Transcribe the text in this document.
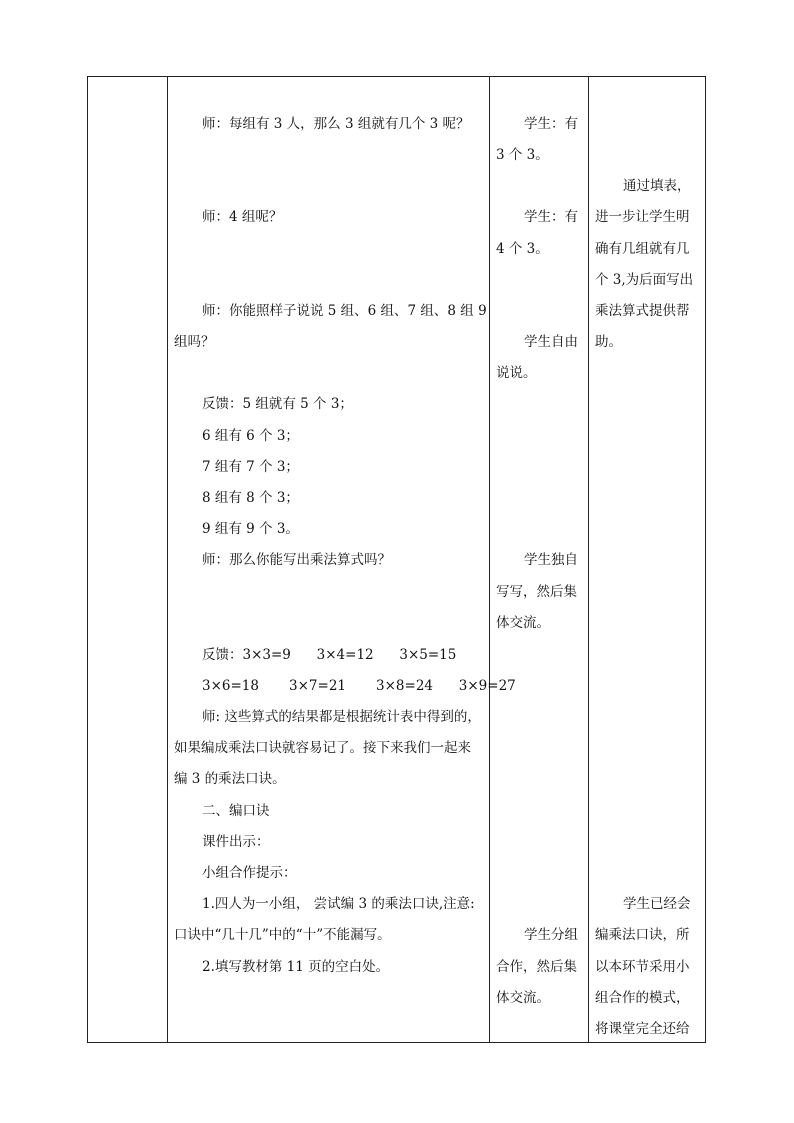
师：每组有 3 人，那么 3 组就有几个 3 呢？
师：4 组呢？
师：你能照样子说说 5 组、6 组、7 组、8 组 9
组吗？
反馈：5 组就有 5 个 3；
6 组有 6 个 3；
7 组有 7 个 3；
8 组有 8 个 3；
9 组有 9 个 3。
师：那么你能写出乘法算式吗？
反馈：3×3=9      3×4=12      3×5=15
3×6=18       3×7=21       3×8=24      3×9=27
师: 这些算式的结果都是根据统计表中得到的，
如果编成乘法口诀就容易记了。接下来我们一起来
编 3 的乘法口诀。
二、编口诀
课件出示：
小组合作提示：
1.四人为一小组， 尝试编 3 的乘法口诀,注意:
口诀中“几十几”中的“十”不能漏写。
2.填写教材第 11 页的空白处。
学生：有
3 个 3。
学生：有
4 个 3。
学生自由
说说。
学生独自
写写，然后集
体交流。
学生分组
合作，然后集
体交流。
通过填表，
进一步让学生明
确有几组就有几
个 3,为后面写出
乘法算式提供帮
助。
学生已经会
编乘法口诀，所
以本环节采用小
组合作的模式，
将课堂完全还给
